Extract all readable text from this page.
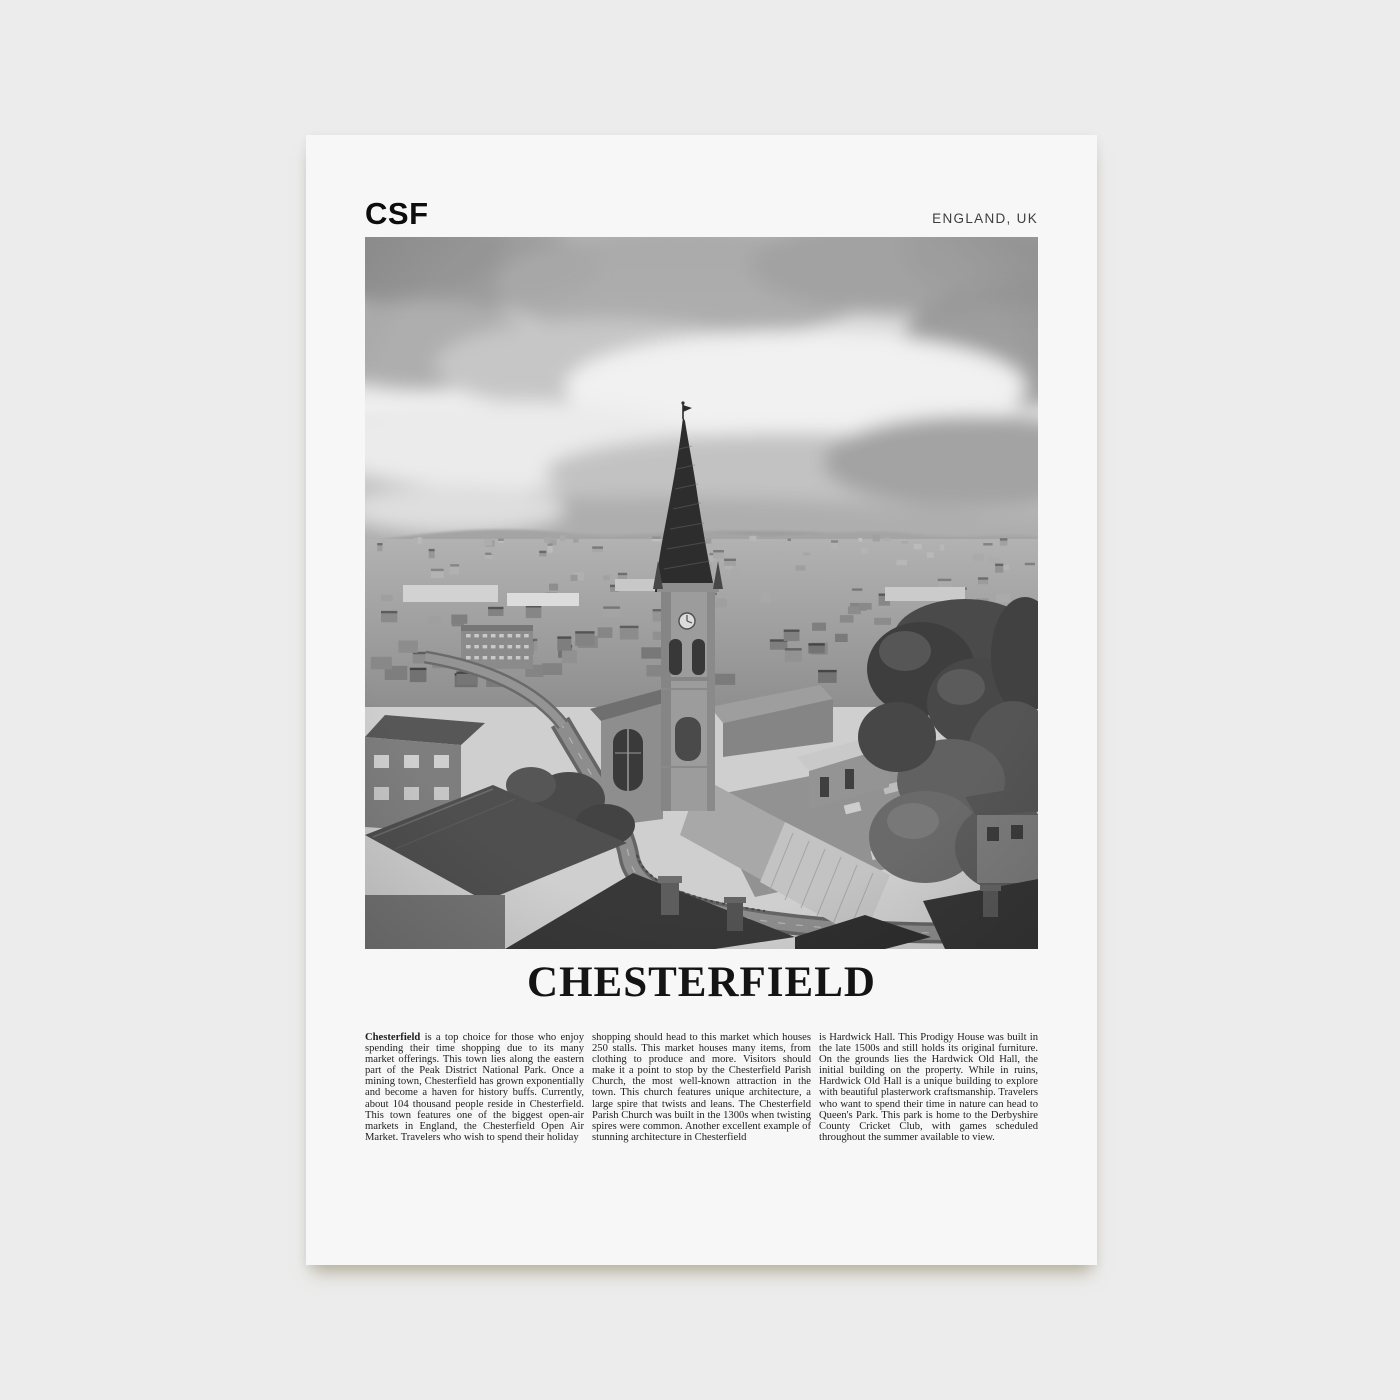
CSF	ENGLAND, UK
CHESTERFIELD

Chesterfield is a top choice for those who enjoy spending their time shopping due to its many market offerings. This town lies along the eastern part of the Peak District National Park. Once a mining town, Chesterfield has grown exponentially and become a haven for history buffs. Currently, about 104 thousand people reside in Chesterfield. This town features one of the biggest open-air markets in England, the Chesterfield Open Air Market. Travelers who wish to spend their holiday

shopping should head to this market which houses 250 stalls. This market houses many items, from clothing to produce and more. Visitors should make it a point to stop by the Chesterfield Parish Church, the most well-known attraction in the town. This church features unique architecture, a large spire that twists and leans. The Chesterfield Parish Church was built in the 1300s when twisting spires were common. Another excellent example of stunning architecture in Chesterfield

is Hardwick Hall. This Prodigy House was built in the late 1500s and still holds its original furniture. On the grounds lies the Hardwick Old Hall, the initial building on the property. While in ruins, Hardwick Old Hall is a unique building to explore with beautiful plasterwork craftsmanship. Travelers who want to spend their time in nature can head to Queen's Park. This park is home to the Derbyshire County Cricket Club, with games scheduled throughout the summer available to view.
